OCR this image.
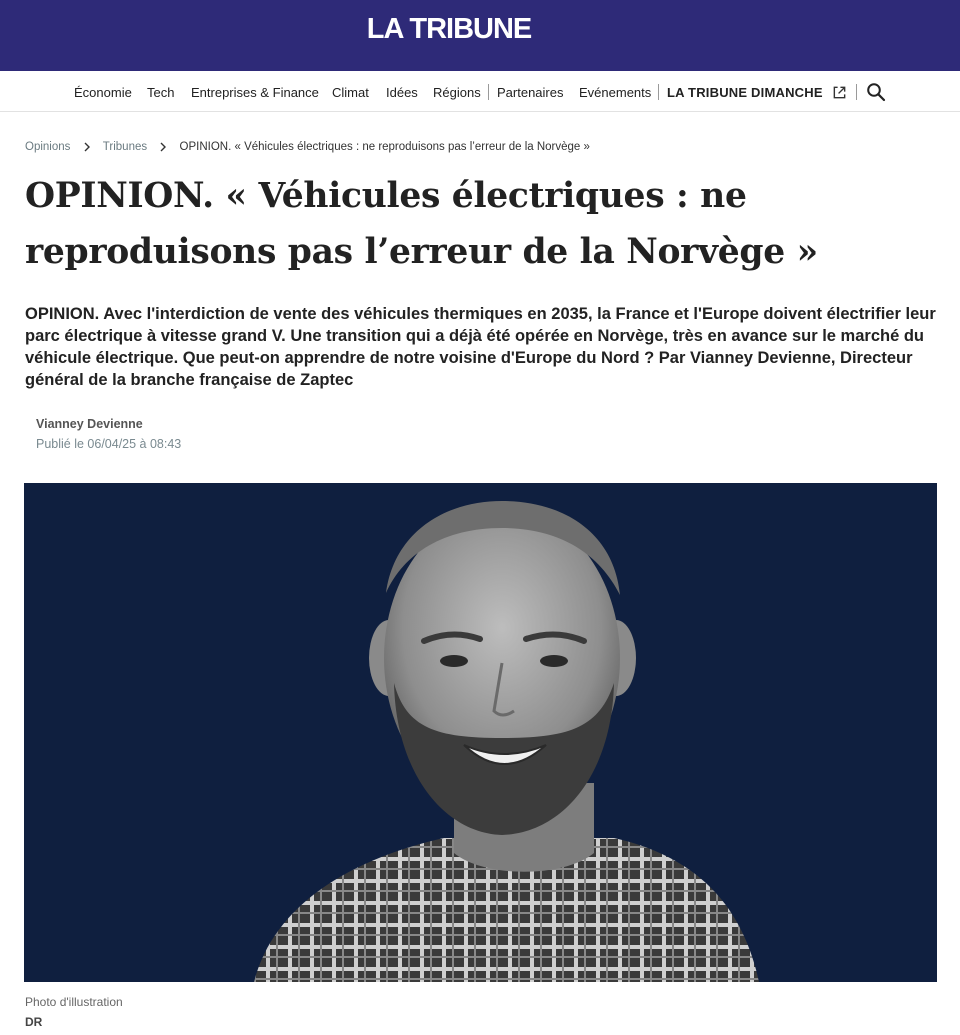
LA TRIBUNE
Économie Tech Entreprises & Finance Climat Idées Régions Partenaires Evénements LA TRIBUNE DIMANCHE
Opinions	Tribunes	OPINION. « Véhicules électriques : ne reproduisons pas l’erreur de la Norvège »
OPINION. « Véhicules électriques : ne reproduisons pas l’erreur de la Norvège »

OPINION. Avec l'interdiction de vente des véhicules thermiques en 2035, la France et l'Europe doivent électrifier leur parc électrique à vitesse grand V. Une transition qui a déjà été opérée en Norvège, très en avance sur le marché du véhicule électrique. Que peut-on apprendre de notre voisine d'Europe du Nord ? Par Vianney Devienne, Directeur général de la branche française de Zaptec

Vianney Devienne
Publié le 06/04/25 à 08:43
Photo d'illustration
DR
